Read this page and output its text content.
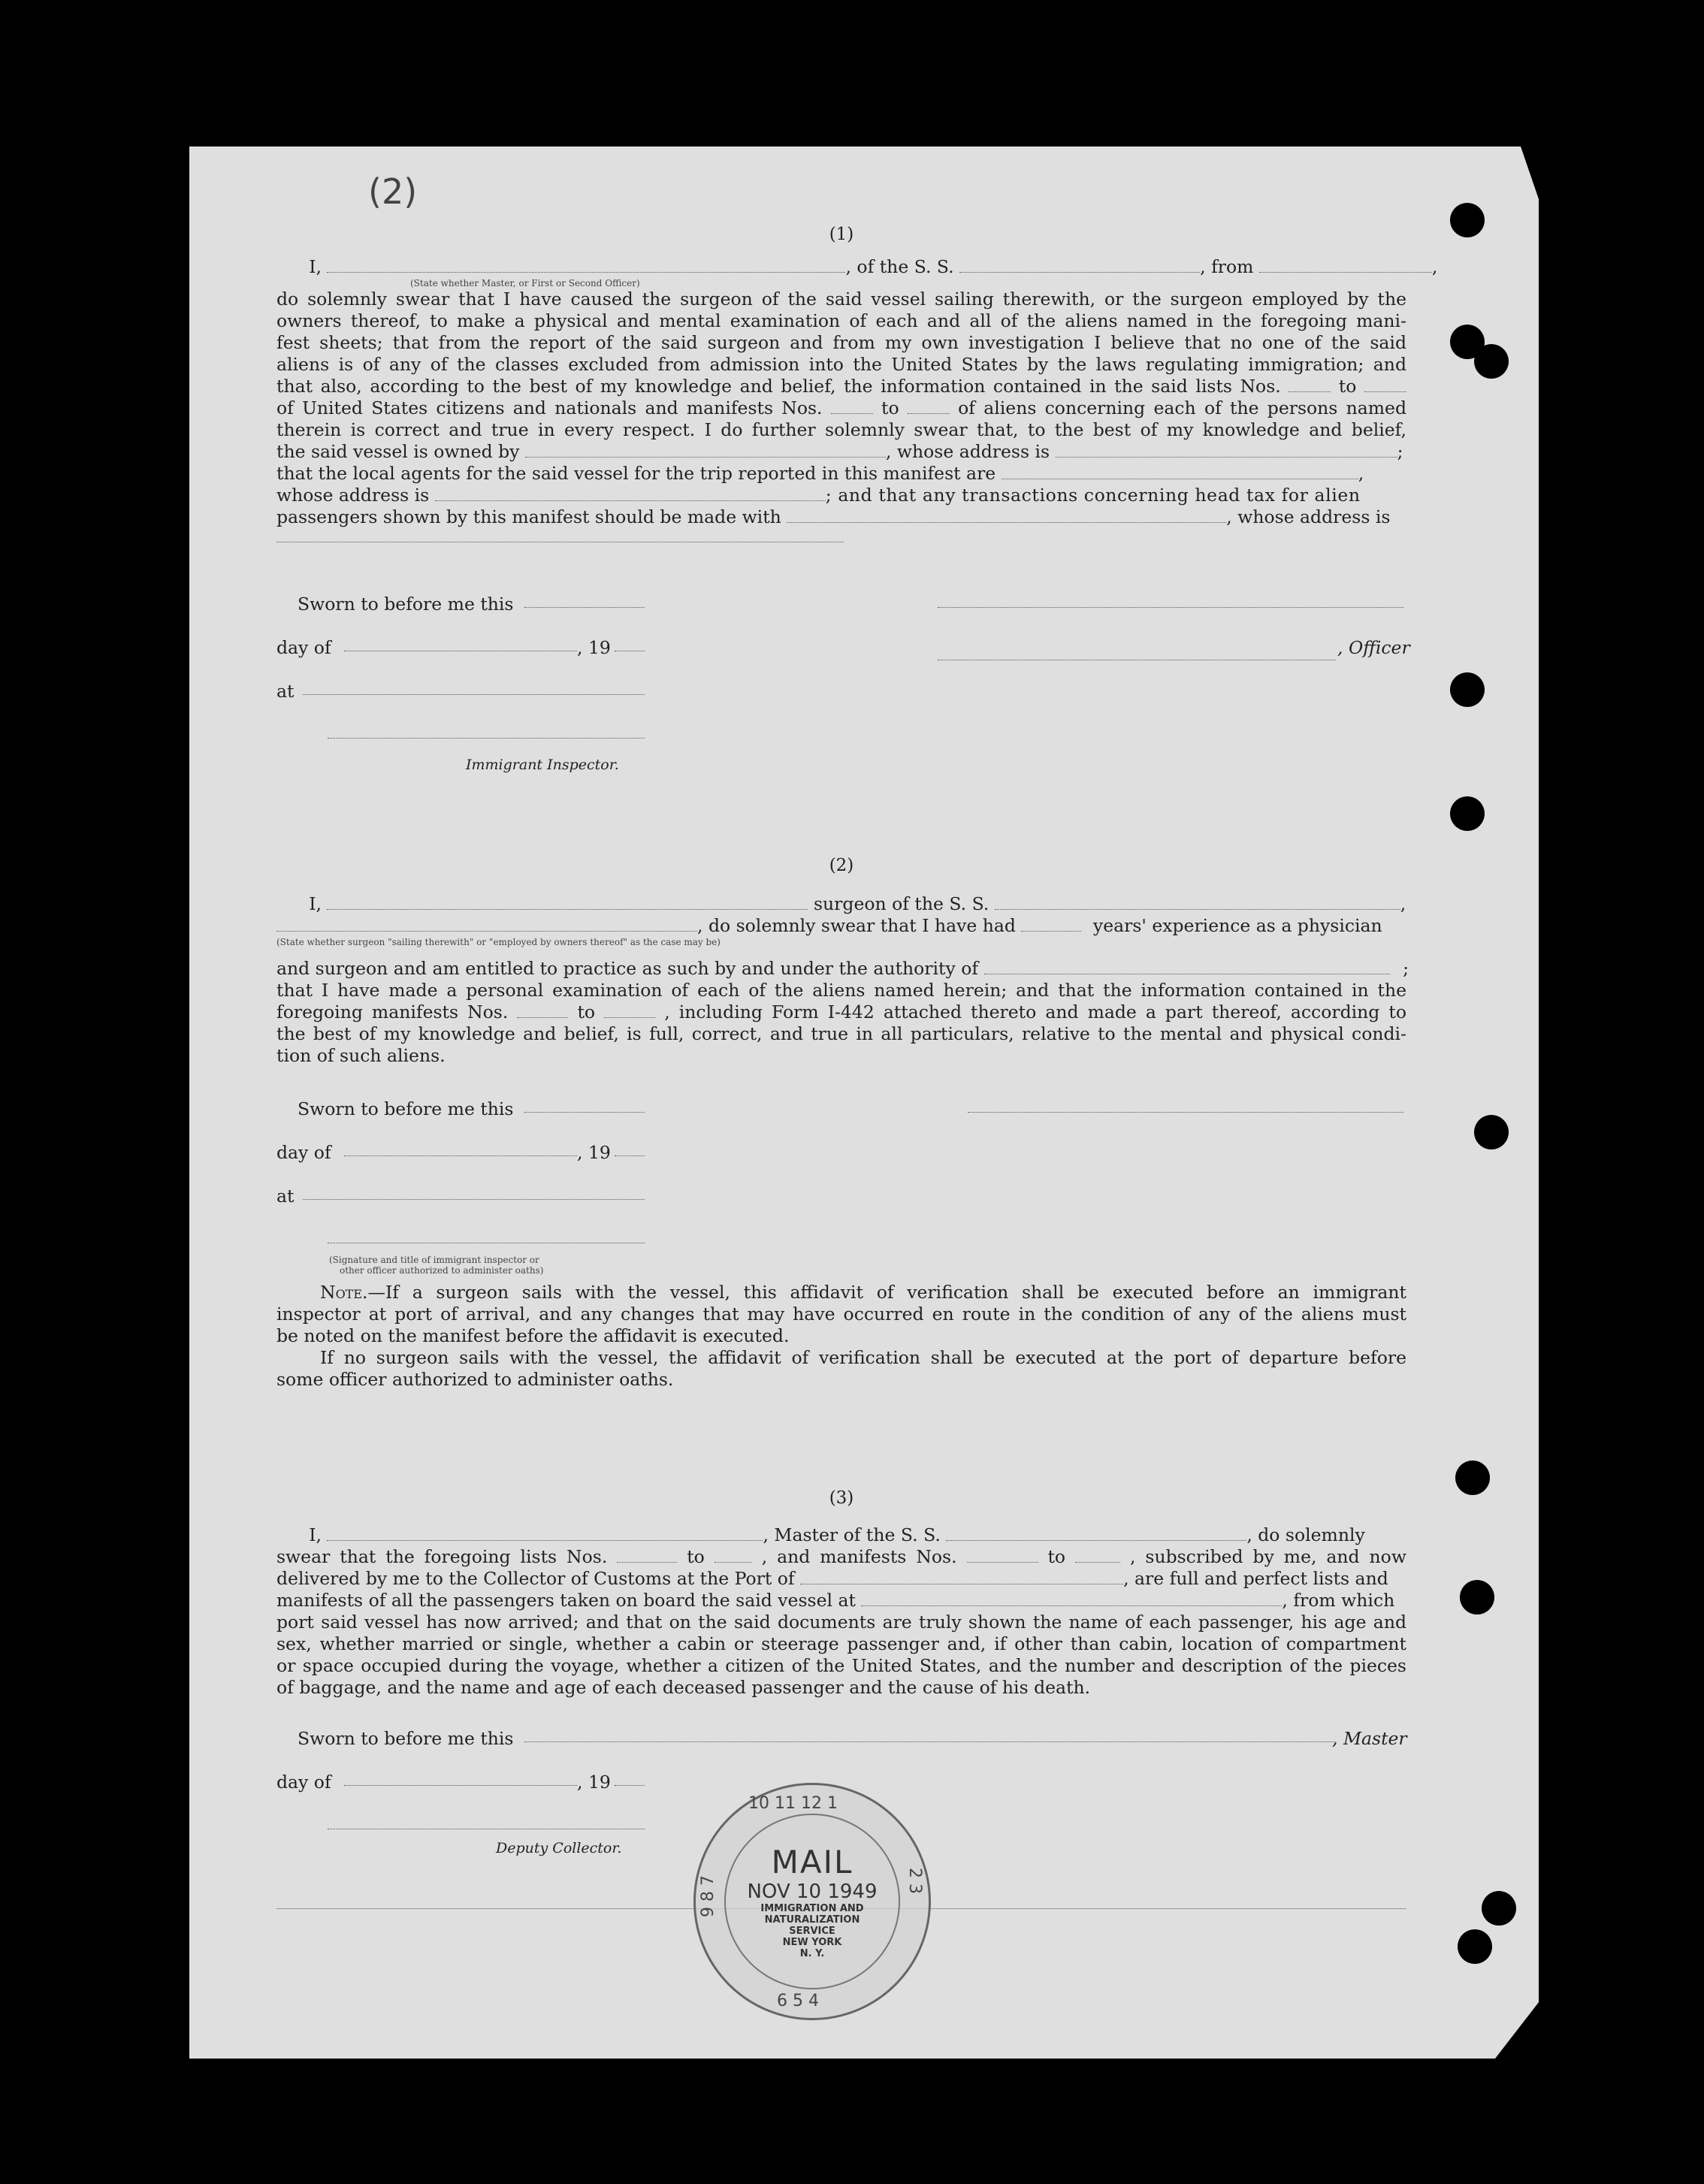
(2)
(1)
I,	, of the S. S.	, from	,
(State whether Master, or First or Second Officer)
do solemnly swear that I have caused the surgeon of the said vessel sailing therewith, or the surgeon employed by the
owners thereof, to make a physical and mental examination of each and all of the aliens named in the foregoing mani-
fest sheets; that from the report of the said surgeon and from my own investigation I believe that no one of the said
aliens is of any of the classes excluded from admission into the United States by the laws regulating immigration; and
that also, according to the best of my knowledge and belief, the information contained in the said lists Nos.	to
of United States citizens and nationals and manifests Nos.	to	of aliens concerning each of the persons named
therein is correct and true in every respect. I do further solemnly swear that, to the best of my knowledge and belief,
the said vessel is owned by	, whose address is	;
that the local agents for the said vessel for the trip reported in this manifest are	,
whose address is	; and that any transactions concerning head tax for alien
passengers shown by this manifest should be made with	, whose address is
Sworn to before me this
day of	, 19
at
, Officer
Immigrant Inspector.
(2)
I,	surgeon of the S. S.	,
, do solemnly swear that I have had	years' experience as a physician
(State whether surgeon "sailing therewith" or "employed by owners thereof" as the case may be)
and surgeon and am entitled to practice as such by and under the authority of	;
that I have made a personal examination of each of the aliens named herein; and that the information contained in the
foregoing manifests Nos.	to	, including Form I-442 attached thereto and made a part thereof, according to
the best of my knowledge and belief, is full, correct, and true in all particulars, relative to the mental and physical condi-
tion of such aliens.
Sworn to before me this
day of	, 19
at
(Signature and title of immigrant inspector or
other officer authorized to administer oaths)
Note.—If a surgeon sails with the vessel, this affidavit of verification shall be executed before an immigrant
inspector at port of arrival, and any changes that may have occurred en route in the condition of any of the aliens must
be noted on the manifest before the affidavit is executed.
If no surgeon sails with the vessel, the affidavit of verification shall be executed at the port of departure before
some officer authorized to administer oaths.
(3)
I,	, Master of the S. S.	, do solemnly
swear that the foregoing lists Nos.	to	, and manifests Nos.	to	, subscribed by me, and now
delivered by me to the Collector of Customs at the Port of	, are full and perfect lists and
manifests of all the passengers taken on board the said vessel at	, from which
port said vessel has now arrived; and that on the said documents are truly shown the name of each passenger, his age and
sex, whether married or single, whether a cabin or steerage passenger and, if other than cabin, location of compartment
or space occupied during the voyage, whether a citizen of the United States, and the number and description of the pieces
of baggage, and the name and age of each deceased passenger and the cause of his death.
Sworn to before me this	, Master
day of	, 19
Deputy Collector.
10 11 12 1
9 8 7
6 5 4
2 3
MAIL
NOV 10 1949
IMMIGRATION AND
NATURALIZATION
SERVICE
NEW YORK
N. Y.
